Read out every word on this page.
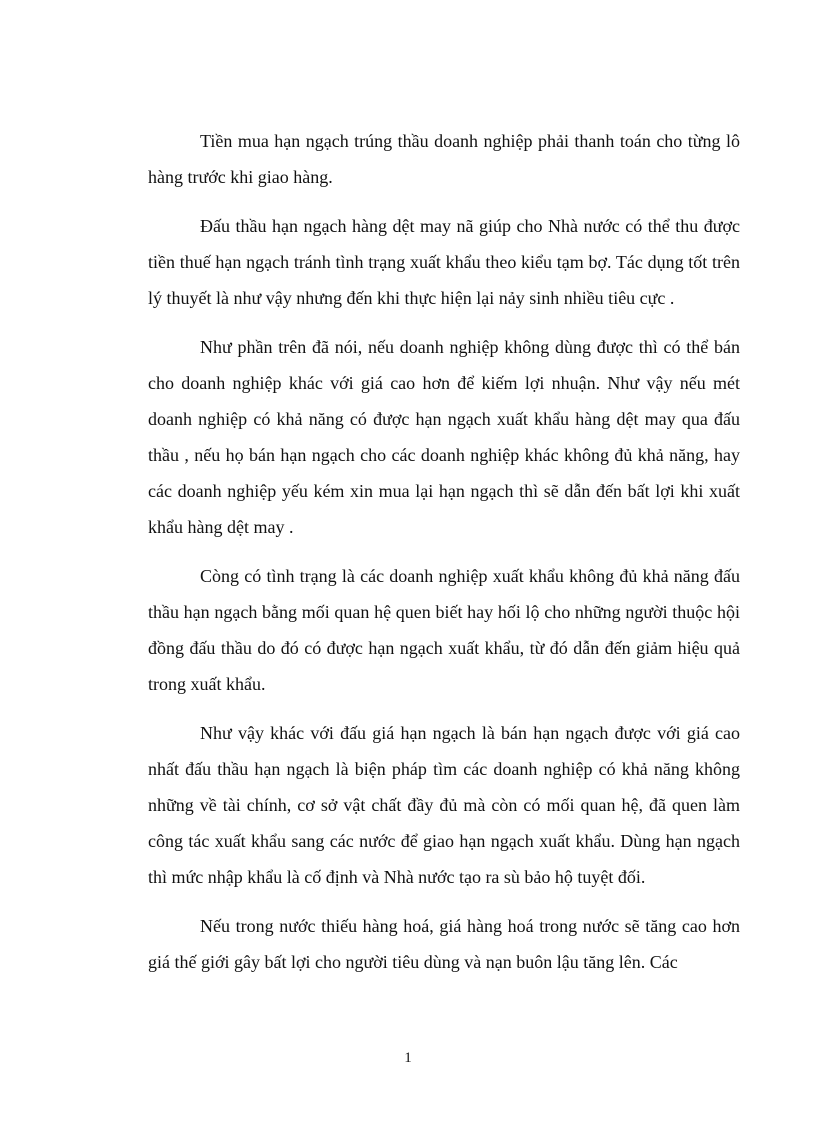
Tiền mua hạn ngạch trúng thầu doanh nghiệp phải thanh toán cho từng lô hàng trước khi giao hàng.

Đấu thầu hạn ngạch hàng dệt may nã giúp cho Nhà nước có thể thu được tiền thuế hạn ngạch tránh tình trạng xuất khẩu theo kiểu tạm bợ. Tác dụng tốt trên lý thuyết là như vậy nhưng đến khi thực hiện lại nảy sinh nhiều tiêu cực .

Như phần trên đã nói, nếu doanh nghiệp không dùng được thì có thể bán cho doanh nghiệp khác với giá cao hơn để kiếm lợi nhuận. Như vậy nếu mét doanh nghiệp có khả năng có được hạn ngạch xuất khẩu hàng dệt may qua đấu thầu , nếu họ bán hạn ngạch cho các doanh nghiệp khác không đủ khả năng, hay các doanh nghiệp yếu kém xin mua lại hạn ngạch thì sẽ dẫn đến bất lợi khi xuất khẩu hàng dệt may .

Còng có tình trạng là các doanh nghiệp xuất khẩu không đủ khả năng đấu thầu hạn ngạch bằng mối quan hệ quen biết hay hối lộ cho những người thuộc hội đồng đấu thầu do đó có được hạn ngạch xuất khẩu, từ đó dẫn đến giảm hiệu quả trong xuất khẩu.

Như vậy khác với đấu giá hạn ngạch là bán hạn ngạch được với giá cao nhất đấu thầu hạn ngạch là biện pháp tìm các doanh nghiệp có khả năng không những về tài chính, cơ sở vật chất đầy đủ mà còn có mối quan hệ, đã quen làm công tác xuất khẩu sang các nước để giao hạn ngạch xuất khẩu. Dùng hạn ngạch thì mức nhập khẩu là cố định và Nhà nước tạo ra sù bảo hộ tuyệt đối.

Nếu trong nước thiếu hàng hoá, giá hàng hoá trong nước sẽ tăng cao hơn giá thế giới gây bất lợi cho người tiêu dùng và nạn buôn lậu tăng lên. Các

1
